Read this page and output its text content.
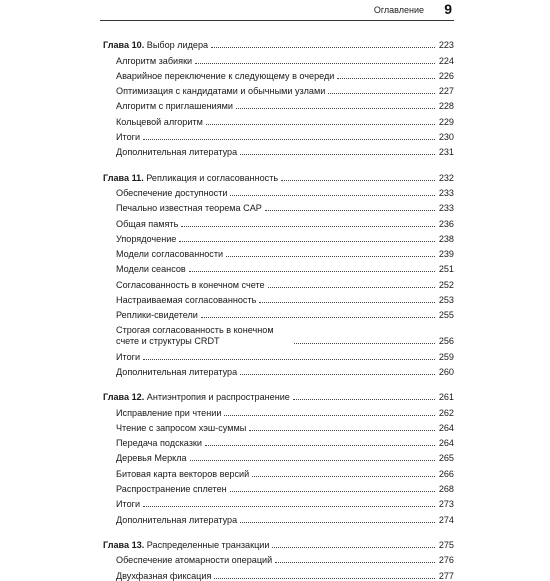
Оглавление 9
Глава 10. Выбор лидера	223
Алгоритм забияки	224
Аварийное переключение к следующему в очереди	226
Оптимизация с кандидатами и обычными узлами	227
Алгоритм с приглашениями	228
Кольцевой алгоритм	229
Итоги	230
Дополнительная литература	231
Глава 11. Репликация и согласованность	232
Обеспечение доступности	233
Печально известная теорема CAP	233
Общая память	236
Упорядочение	238
Модели согласованности	239
Модели сеансов	251
Согласованность в конечном счете	252
Настраиваемая согласованность	253
Реплики-свидетели	255
Строгая согласованность в конечном счете и структуры CRDT	256
Итоги	259
Дополнительная литература	260
Глава 12. Антиэнтропия и распространение	261
Исправление при чтении	262
Чтение с запросом хэш-суммы	264
Передача подсказки	264
Деревья Меркла	265
Битовая карта векторов версий	266
Распространение сплетен	268
Итоги	273
Дополнительная литература	274
Глава 13. Распределенные транзакции	275
Обеспечение атомарности операций	276
Двухфазная фиксация	277
